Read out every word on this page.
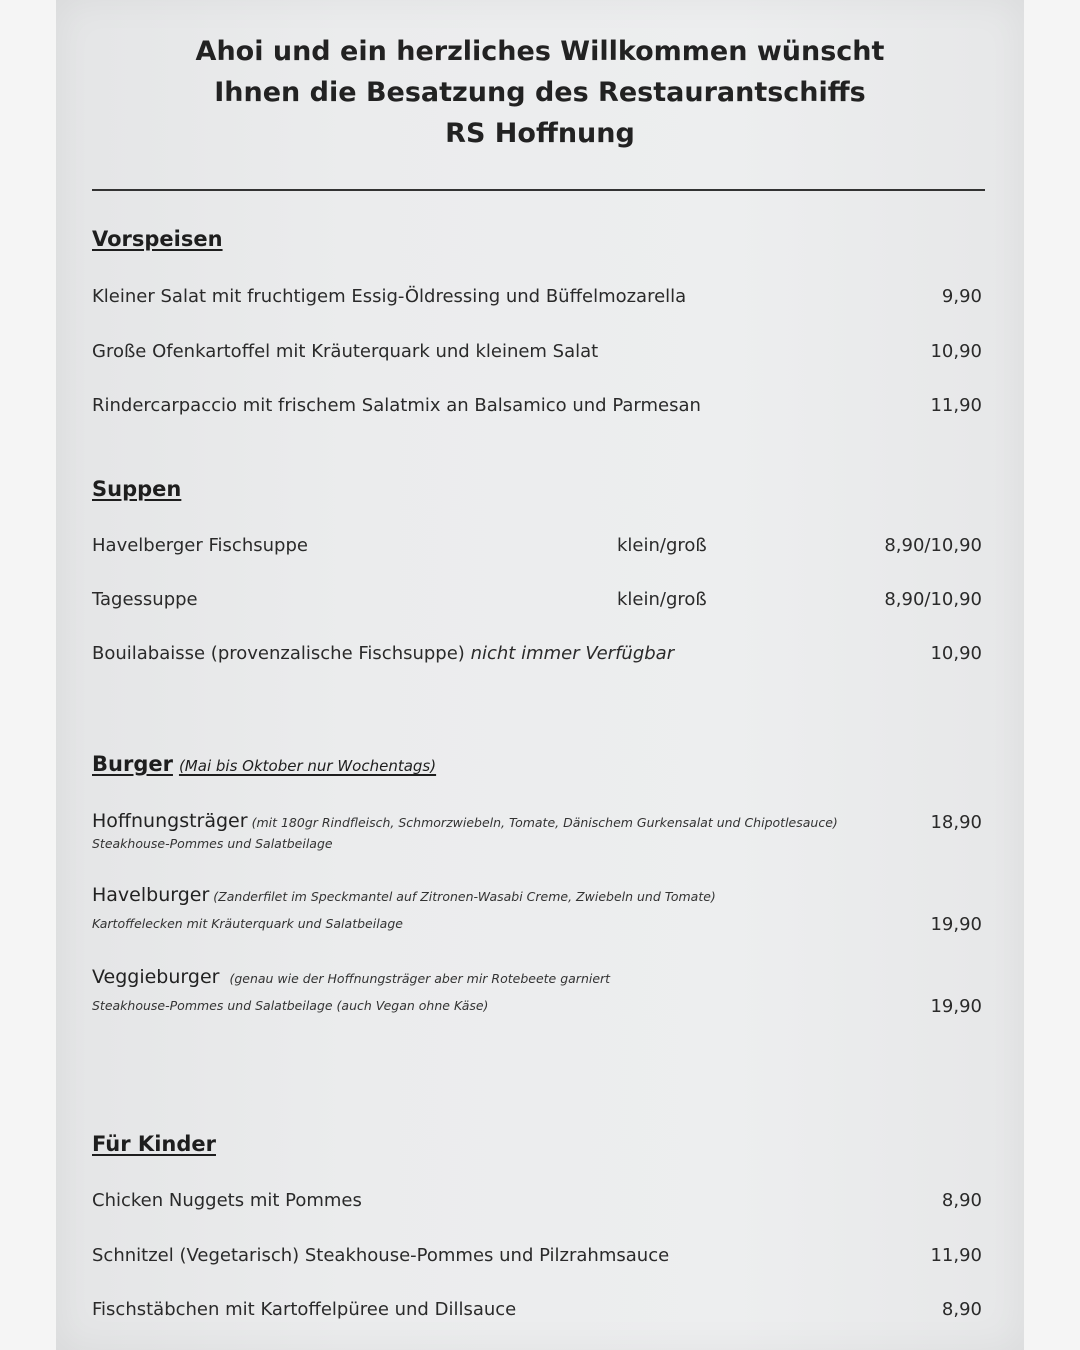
Ahoi und ein herzliches Willkommen wünscht
Ihnen die Besatzung des Restaurantschiffs
RS Hoffnung
Vorspeisen
Kleiner Salat mit fruchtigem Essig-Öldressing und Büffelmozarella	9,90
Große Ofenkartoffel mit Kräuterquark und kleinem Salat	10,90
Rindercarpaccio mit frischem Salatmix an Balsamico und Parmesan	11,90
Suppen
Havelberger Fischsuppe	klein/groß	8,90/10,90
Tagessuppe	klein/groß	8,90/10,90
Bouilabaisse (provenzalische Fischsuppe) nicht immer Verfügbar	10,90
Burger (Mai bis Oktober nur Wochentags)
Hoffnungsträger (mit 180gr Rindfleisch, Schmorzwiebeln, Tomate, Dänischem Gurkensalat und Chipotlesauce)	18,90
Steakhouse-Pommes und Salatbeilage
Havelburger (Zanderfilet im Speckmantel auf Zitronen-Wasabi Creme, Zwiebeln und Tomate)
Kartoffelecken mit Kräuterquark und Salatbeilage	19,90
Veggieburger (genau wie der Hoffnungsträger aber mir Rotebeete garniert
Steakhouse-Pommes und Salatbeilage (auch Vegan ohne Käse)	19,90
Für Kinder
Chicken Nuggets mit Pommes	8,90
Schnitzel (Vegetarisch) Steakhouse-Pommes und Pilzrahmsauce	11,90
Fischstäbchen mit Kartoffelpüree und Dillsauce	8,90
